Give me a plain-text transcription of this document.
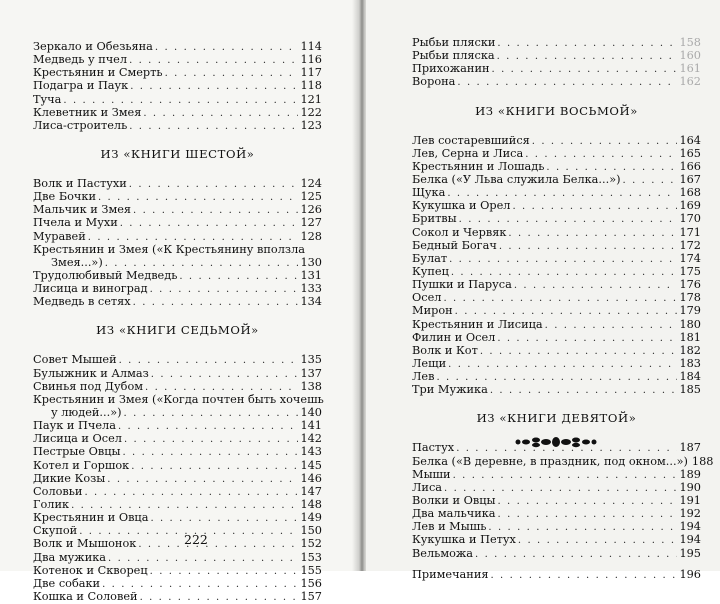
Зеркало и Обезьяна . . .	114
Медведь у пчел . . .	116
Крестьянин и Смерть . . .	117
Подагра и Паук . . .	118
Туча . . .	121
Клеветник и Змея . . .	122
Лиса-строитель . . .	123
ИЗ «КНИГИ ШЕСТОЙ»
Волк и Пастухи . . .	124
Две Бочки . . .	125
Мальчик и Змея . . .	126
Пчела и Мухи . . .	127
Муравей . . .	128
Крестьянин и Змея («К Крестьянину вползла
Змея...») . . .	130
Трудолюбивый Медведь . . .	131
Лисица и виноград . . .	133
Медведь в сетях . . .	134
ИЗ «КНИГИ СЕДЬМОЙ»
Совет Мышей . . .	135
Булыжник и Алмаз . . .	137
Свинья под Дубом . . .	138
Крестьянин и Змея («Когда почтен быть хочешь
у людей...») . . .	140
Паук и Пчела . . .	141
Лисица и Осел . . .	142
Пестрые Овцы . . .	143
Котел и Горшок . . .	145
Дикие Козы . . .	146
Соловьи . . .	147
Голик . . .	148
Крестьянин и Овца . . .	149
Скупой . . .	150
Волк и Мышонок . . .	152
Два мужика . . .	153
Котенок и Скворец . . .	155
Две собаки . . .	156
Кошка и Соловей . . .	157
222
Рыбьи пляски . . .	158
Рыбьи пляска . . .	160
Прихожанин . . .	161
Ворона . . .	162
ИЗ «КНИГИ ВОСЬМОЙ»
Лев состаревшийся . . .	164
Лев, Серна и Лиса . . .	165
Крестьянин и Лошадь . . .	166
Белка («У Льва служила Белка...») . . .	167
Щука . . .	168
Кукушка и Орел . . .	169
Бритвы . . .	170
Сокол и Червяк . . .	171
Бедный Богач . . .	172
Булат . . .	174
Купец . . .	175
Пушки и Паруса . . .	176
Осел . . .	178
Мирон . . .	179
Крестьянин и Лисица . . .	180
Филин и Осел . . .	181
Волк и Кот . . .	182
Лещи . . .	183
Лев . . .	184
Три Мужика . . .	185
ИЗ «КНИГИ ДЕВЯТОЙ»
Пастух . . .	187
Белка («В деревне, в праздник, под окном...») 188
Мыши . . .	189
Лиса . . .	190
Волки и Овцы . . .	191
Два мальчика . . .	192
Лев и Мышь . . .	194
Кукушка и Петух . . .	194
Вельможа . . .	195
Примечания . . .	196
